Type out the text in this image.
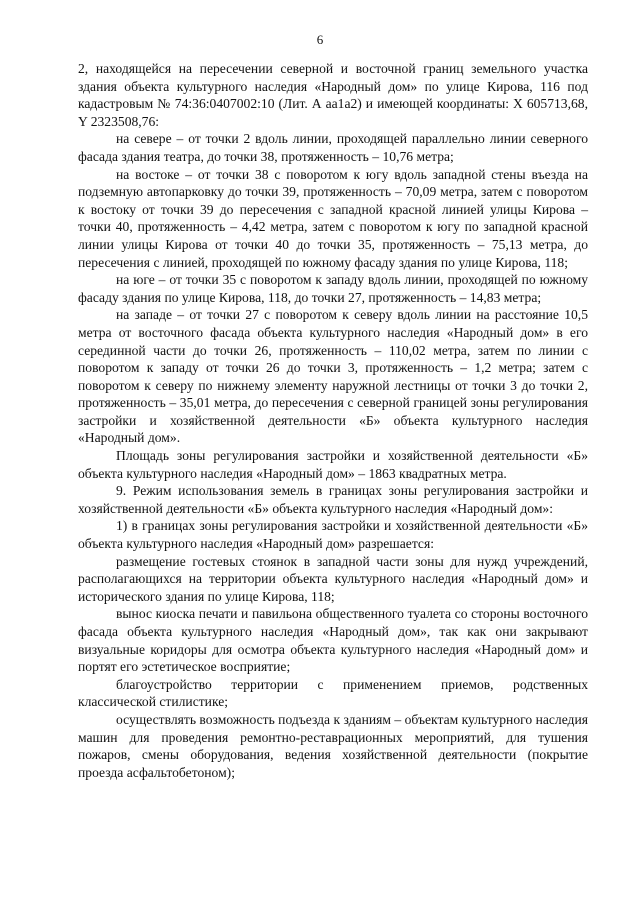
6

2, находящейся на пересечении северной и восточной границ земельного участка здания объекта культурного наследия «Народный дом» по улице Кирова, 116 под кадастровым № 74:36:0407002:10 (Лит. А аа1а2) и имеющей координаты: X 605713,68, Y 2323508,76:

на севере – от точки 2 вдоль линии, проходящей параллельно линии северного фасада здания театра, до точки 38, протяженность – 10,76 метра;

на востоке – от точки 38 с поворотом к югу вдоль западной стены въезда на подземную автопарковку до точки 39, протяженность – 70,09 метра, затем с поворотом к востоку от точки 39 до пересечения с западной красной линией улицы Кирова – точки 40, протяженность – 4,42 метра, затем с поворотом к югу по западной красной линии улицы Кирова от точки 40 до точки 35, протяженность – 75,13 метра, до пересечения с линией, проходящей по южному фасаду здания по улице Кирова, 118;

на юге – от точки 35 с поворотом к западу вдоль линии, проходящей по южному фасаду здания по улице Кирова, 118, до точки 27, протяженность – 14,83 метра;

на западе – от точки 27 с поворотом к северу вдоль линии на расстояние 10,5 метра от восточного фасада объекта культурного наследия «Народный дом» в его серединной части до точки 26, протяженность – 110,02 метра, затем по линии с поворотом к западу от точки 26 до точки 3, протяженность – 1,2 метра; затем с поворотом к северу по нижнему элементу наружной лестницы от точки 3 до точки 2, протяженность – 35,01 метра, до пересечения с северной границей зоны регулирования застройки и хозяйственной деятельности «Б» объекта культурного наследия «Народный дом».

Площадь зоны регулирования застройки и хозяйственной деятельности «Б» объекта культурного наследия «Народный дом» – 1863 квадратных метра.

9. Режим использования земель в границах зоны регулирования застройки и хозяйственной деятельности «Б» объекта культурного наследия «Народный дом»:

1) в границах зоны регулирования застройки и хозяйственной деятельности «Б» объекта культурного наследия «Народный дом» разрешается:

размещение гостевых стоянок в западной части зоны для нужд учреждений, располагающихся на территории объекта культурного наследия «Народный дом» и исторического здания по улице Кирова, 118;

вынос киоска печати и павильона общественного туалета со стороны восточного фасада объекта культурного наследия «Народный дом», так как они закрывают визуальные коридоры для осмотра объекта культурного наследия «Народный дом» и портят его эстетическое восприятие;

благоустройство территории с применением приемов, родственных классической стилистике;

осуществлять возможность подъезда к зданиям – объектам культурного наследия машин для проведения ремонтно-реставрационных мероприятий, для тушения пожаров, смены оборудования, ведения хозяйственной деятельности (покрытие проезда асфальтобетоном);
